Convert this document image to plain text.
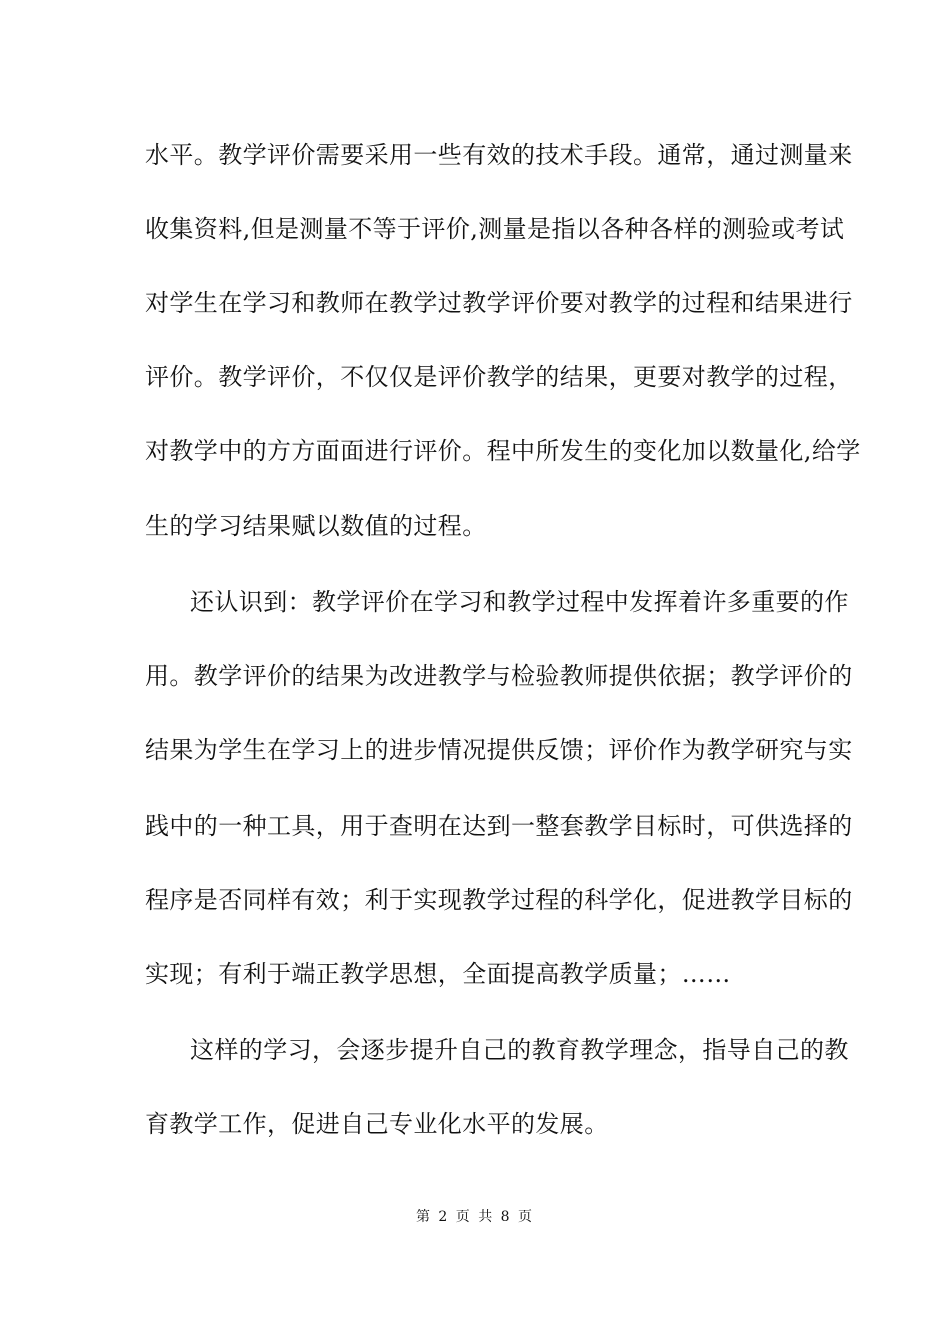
水平。教学评价需要采用一些有效的技术手段。通常，通过测量来
收集资料,但是测量不等于评价,测量是指以各种各样的测验或考试
对学生在学习和教师在教学过教学评价要对教学的过程和结果进行
评价。教学评价，不仅仅是评价教学的结果，更要对教学的过程，
对教学中的方方面面进行评价。程中所发生的变化加以数量化,给学
生的学习结果赋以数值的过程。
还认识到：教学评价在学习和教学过程中发挥着许多重要的作
用。教学评价的结果为改进教学与检验教师提供依据；教学评价的
结果为学生在学习上的进步情况提供反馈；评价作为教学研究与实
践中的一种工具，用于查明在达到一整套教学目标时，可供选择的
程序是否同样有效；利于实现教学过程的科学化，促进教学目标的
实现；有利于端正教学思想，全面提高教学质量；……
这样的学习，会逐步提升自己的教育教学理念，指导自己的教
育教学工作，促进自己专业化水平的发展。
第 2 页 共 8 页
